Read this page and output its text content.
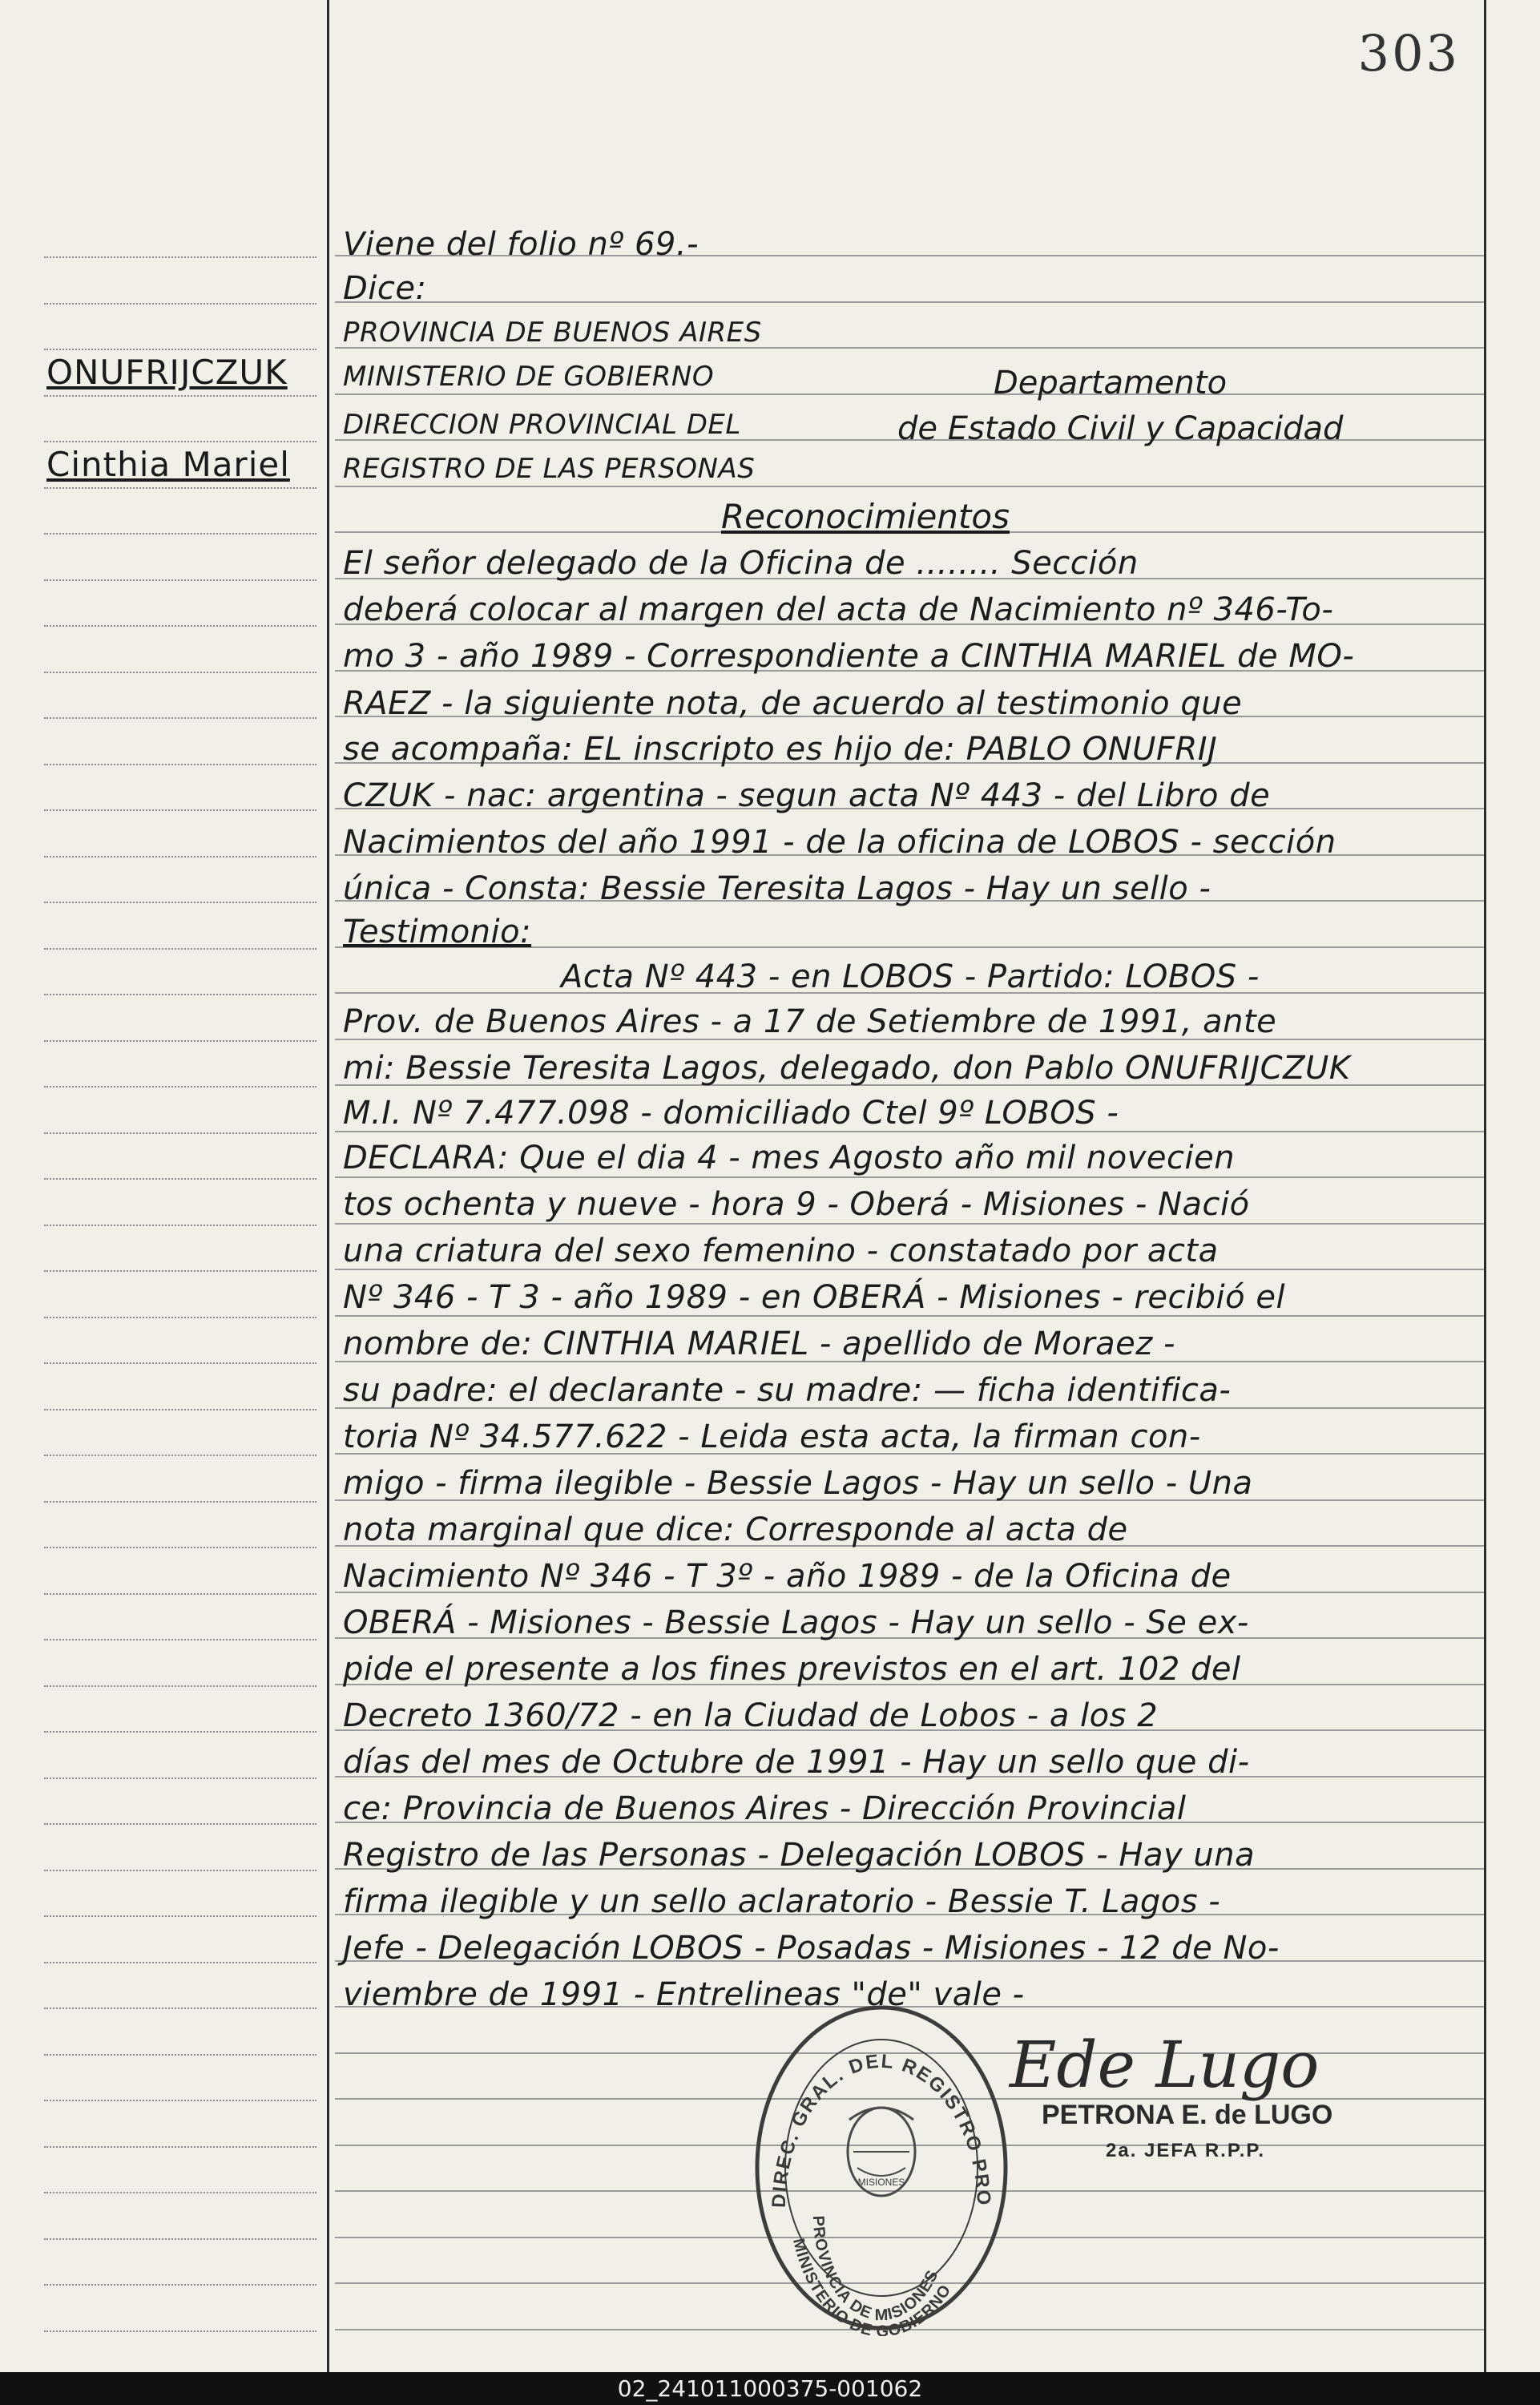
303
ONUFRIJCZUK
Cinthia Mariel
Viene del folio nº 69.-
Dice:
PROVINCIA DE BUENOS AIRES
MINISTERIO DE GOBIERNO
DIRECCION PROVINCIAL DEL
REGISTRO DE LAS PERSONAS
Departamento
de Estado Civil y Capacidad
Reconocimientos
El señor delegado de la Oficina de ........ Sección
deberá colocar al margen del acta de Nacimiento nº 346-To-
mo 3 - año 1989 - Correspondiente a CINTHIA MARIEL de MO-
RAEZ - la siguiente nota, de acuerdo al testimonio que
se acompaña: EL inscripto es hijo de: PABLO ONUFRIJ
CZUK - nac: argentina - segun acta Nº 443 - del Libro de
Nacimientos del año 1991 - de la oficina de LOBOS - sección
única - Consta: Bessie Teresita Lagos - Hay un sello -
Testimonio:
Acta Nº 443 - en LOBOS - Partido: LOBOS -
Prov. de Buenos Aires - a 17 de Setiembre de 1991, ante
mi: Bessie Teresita Lagos, delegado, don Pablo ONUFRIJCZUK
M.I. Nº 7.477.098 - domiciliado Ctel 9º LOBOS -
DECLARA: Que el dia 4 - mes Agosto año mil novecien
tos ochenta y nueve - hora 9 - Oberá - Misiones - Nació
una criatura del sexo femenino - constatado por acta
Nº 346 - T 3 - año 1989 - en OBERÁ - Misiones - recibió el
nombre de: CINTHIA MARIEL - apellido de Moraez -
su padre: el declarante - su madre: — ficha identifica-
toria Nº 34.577.622 - Leida esta acta, la firman con-
migo - firma ilegible - Bessie Lagos - Hay un sello - Una
nota marginal que dice: Corresponde al acta de
Nacimiento Nº 346 - T 3º - año 1989 - de la Oficina de
OBERÁ - Misiones - Bessie Lagos - Hay un sello - Se ex-
pide el presente a los fines previstos en el art. 102 del
Decreto 1360/72 - en la Ciudad de Lobos - a los 2
días del mes de Octubre de 1991 - Hay un sello que di-
ce: Provincia de Buenos Aires - Dirección Provincial
Registro de las Personas - Delegación LOBOS - Hay una
firma ilegible y un sello aclaratorio - Bessie T. Lagos -
Jefe - Delegación LOBOS - Posadas - Misiones - 12 de No-
viembre de 1991 - Entrelineas "de" vale -
DIREC. GRAL. DEL REGISTRO PRO
PROVINCIA DE MISIONES
MINISTERIO DE GOBIERNO
MISIONES
Ede Lugo
PETRONA E. de LUGO
2a. JEFA R.P.P.
02_241011000375-001062
